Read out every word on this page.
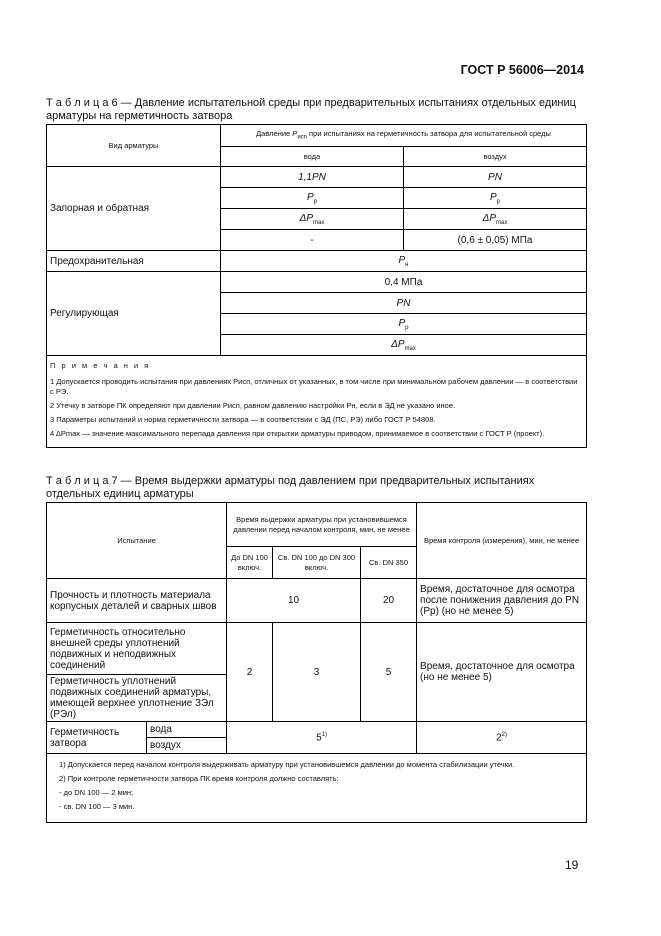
ГОСТ Р 56006—2014
Т а б л и ц а 6 — Давление испытательной среды при предварительных испытаниях отдельных единиц арматуры на герметичность затвора
Вид арматуры	Давление $P_{исп}$ при испытаниях на герметичность затвора для испытательной среды	
	вода	воздух
Запорная и обратная	1,1PN	PN
	$P_р$	$P_р$
	$\Delta P_{max}$	$\Delta P_{max}$
	-	(0,6 ± 0,05) МПа
Предохранительная	$P_н$
Регулирующая	0,4 МПа	
	PN	
	$P_р$
	$\Delta P_{max}$

П р и м е ч а н и я

1 Допускается проводить испытания при давлениях Pисп, отличных от указанных, в том числе при минимальном рабочем давлении — в соответствии с РЭ.

2 Утечку в затворе ПК определяют при давлении Pисп, равном давлению настройки Pн, если в ЭД не указано иное.

3 Параметры испытаний и норма герметичности затвора — в соответствии с ЭД (ПС, РЭ) либо ГОСТ Р 54808.

4 ΔPmax — значение максимального перепада давления при открытии арматуры приводом, принимаемое в соответствии с ГОСТ Р (проект).		

Т а б л и ц а 7 — Время выдержки арматуры под давлением при предварительных испытаниях отдельных единиц арматуры
Испытание		Время выдержки арматуры при установившемся давлении перед началом контроля, мин, не менее			Время контроля (измерения), мин, не менее
		До DN 100 включ.	Св. DN 100 до DN 300 включ.	Св. DN 350	
Прочность и плотность материала корпусных деталей и сварных швов		10		20	Время, достаточное для осмотра после понижения давления до PN (Pр) (но не менее 5)
Герметичность относительно внешней среды уплотнений подвижных и неподвижных соединений		2	3	5	Время, достаточное для осмотра (но не менее 5)
Герметичность уплотнений подвижных соединений арматуры, имеющей верхнее уплотнение ЗЭл (РЭл)					
Герметичность затвора	вода	5$^{1)}$			2$^{2)}$
	воздух				

1) Допускается перед началом контроля выдерживать арматуру при установившемся давлении до момента стабилизации утечки.

2) При контроле герметичности затвора ПК время контроля должно составлять:

- до DN 100 — 2 мин;

- св. DN 100 — 3 мин.					

19
